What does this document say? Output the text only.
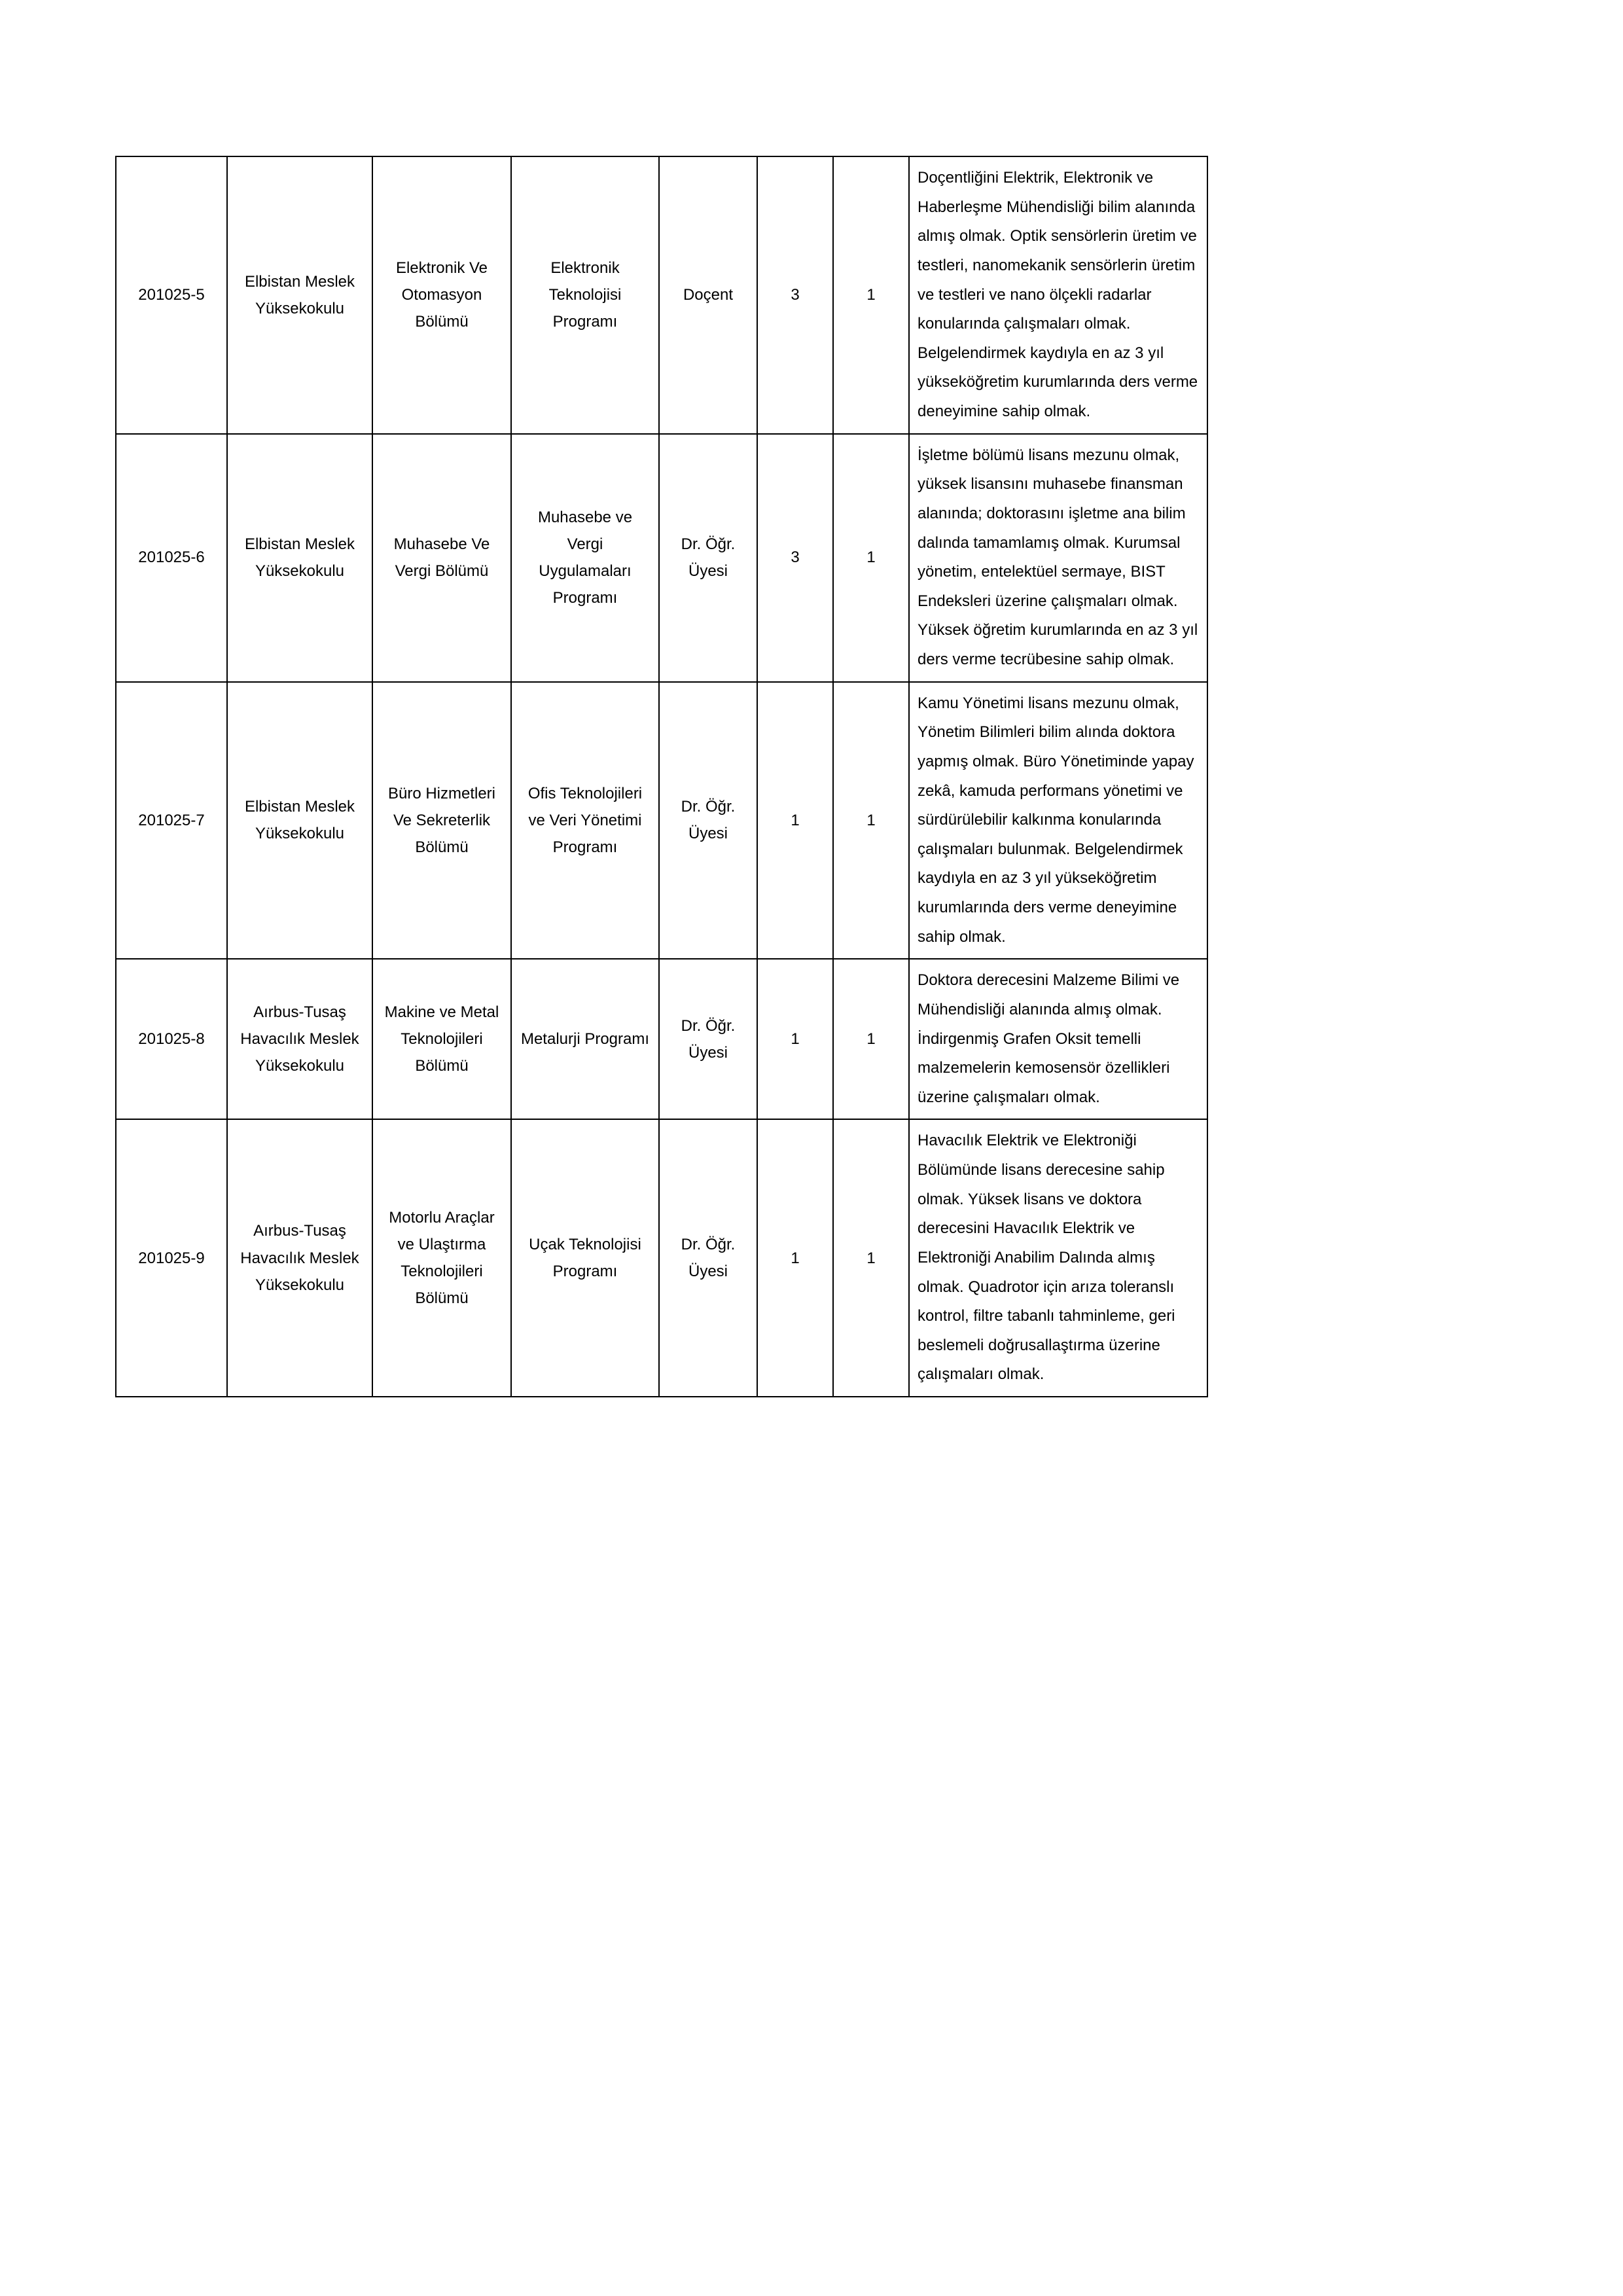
201025-5	Elbistan Meslek Yüksekokulu	Elektronik Ve Otomasyon Bölümü	Elektronik Teknolojisi Programı	Doçent	3	1	Doçentliğini Elektrik, Elektronik ve Haberleşme Mühendisliği bilim alanında almış olmak. Optik sensörlerin üretim ve testleri, nanomekanik sensörlerin üretim ve testleri ve nano ölçekli radarlar konularında çalışmaları olmak. Belgelendirmek kaydıyla en az 3 yıl yükseköğretim kurumlarında ders verme deneyimine sahip olmak.

201025-6	Elbistan Meslek Yüksekokulu	Muhasebe Ve Vergi Bölümü	Muhasebe ve Vergi Uygulamaları Programı	Dr. Öğr. Üyesi	3	1	İşletme bölümü lisans mezunu olmak, yüksek lisansını muhasebe finansman alanında; doktorasını işletme ana bilim dalında tamamlamış olmak. Kurumsal yönetim, entelektüel sermaye, BIST Endeksleri üzerine çalışmaları olmak. Yüksek öğretim kurumlarında en az 3 yıl ders verme tecrübesine sahip olmak.

201025-7	Elbistan Meslek Yüksekokulu	Büro Hizmetleri Ve Sekreterlik Bölümü	Ofis Teknolojileri ve Veri Yönetimi Programı	Dr. Öğr. Üyesi	1	1	Kamu Yönetimi lisans mezunu olmak, Yönetim Bilimleri bilim alında doktora yapmış olmak. Büro Yönetiminde yapay zekâ, kamuda performans yönetimi ve sürdürülebilir kalkınma konularında çalışmaları bulunmak. Belgelendirmek kaydıyla en az 3 yıl yükseköğretim kurumlarında ders verme deneyimine sahip olmak.

201025-8	Aırbus-Tusaş Havacılık Meslek Yüksekokulu	Makine ve Metal Teknolojileri Bölümü	Metalurji Programı	Dr. Öğr. Üyesi	1	1	Doktora derecesini Malzeme Bilimi ve Mühendisliği alanında almış olmak. İndirgenmiş Grafen Oksit temelli malzemelerin kemosensör özellikleri üzerine çalışmaları olmak.

201025-9	Aırbus-Tusaş Havacılık Meslek Yüksekokulu	Motorlu Araçlar ve Ulaştırma Teknolojileri Bölümü	Uçak Teknolojisi Programı	Dr. Öğr. Üyesi	1	1	Havacılık Elektrik ve Elektroniği Bölümünde lisans derecesine sahip olmak. Yüksek lisans ve doktora derecesini Havacılık Elektrik ve Elektroniği Anabilim Dalında almış olmak. Quadrotor için arıza toleranslı kontrol, filtre tabanlı tahminleme, geri beslemeli doğrusallaştırma üzerine çalışmaları olmak.
